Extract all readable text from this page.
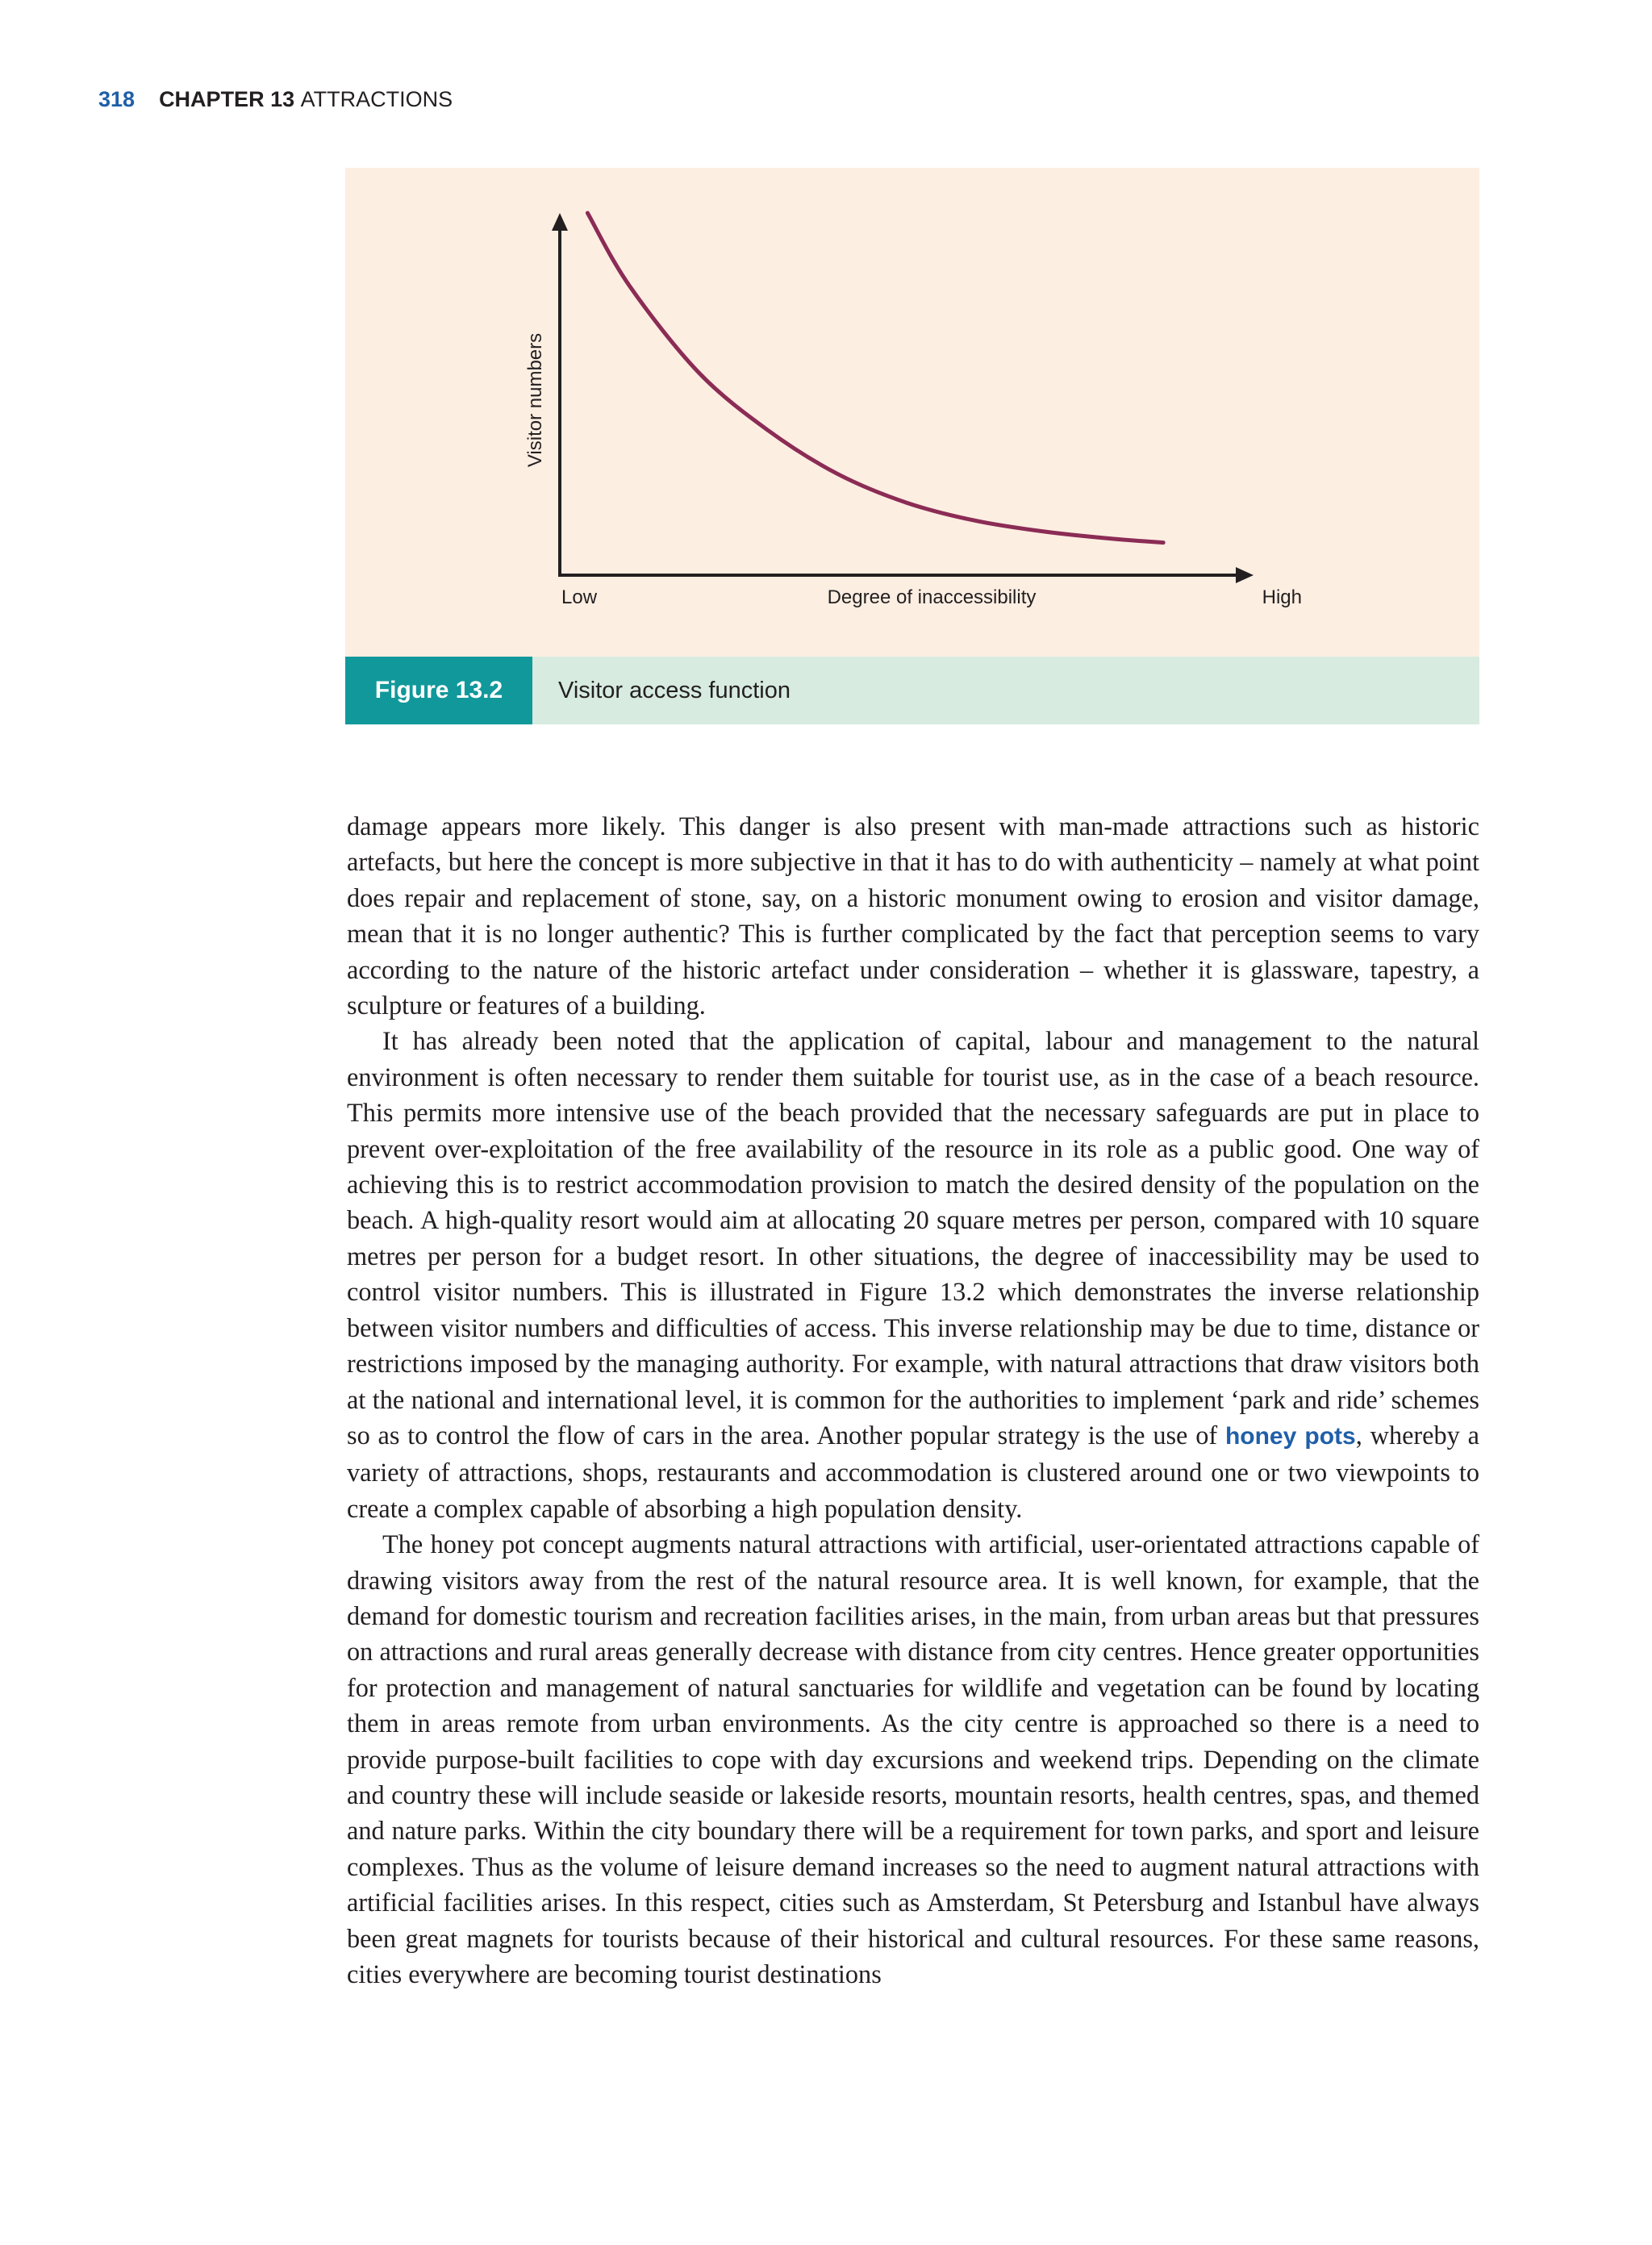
318 CHAPTER 13 ATTRACTIONS
Low	Degree of inaccessibility	High
Visitor numbers
Figure 13.2	Visitor access function

damage appears more likely. This danger is also present with man-made attractions such as historic artefacts, but here the concept is more subjective in that it has to do with authenticity – namely at what point does repair and replacement of stone, say, on a historic monument owing to erosion and visitor damage, mean that it is no longer authentic? This is further complicated by the fact that perception seems to vary according to the nature of the historic artefact under consideration – whether it is glassware, tapestry, a sculpture or features of a building.

It has already been noted that the application of capital, labour and management to the natural environment is often necessary to render them suitable for tourist use, as in the case of a beach resource. This permits more intensive use of the beach provided that the necessary safeguards are put in place to prevent over-exploitation of the free availability of the resource in its role as a public good. One way of achieving this is to restrict accommodation provision to match the desired density of the population on the beach. A high-quality resort would aim at allocating 20 square metres per person, compared with 10 square metres per person for a budget resort. In other situations, the degree of inaccessibility may be used to control visitor numbers. This is illustrated in Figure 13.2 which demonstrates the inverse relationship between visitor numbers and difficulties of access. This inverse relationship may be due to time, distance or restrictions imposed by the managing authority. For example, with natural attractions that draw visitors both at the national and international level, it is common for the authorities to implement ‘park and ride’ schemes so as to control the flow of cars in the area. Another popular strategy is the use of honey pots, whereby a variety of attractions, shops, restaurants and accommodation is clustered around one or two viewpoints to create a complex capable of absorbing a high population density.

The honey pot concept augments natural attractions with artificial, user-orientated attractions capable of drawing visitors away from the rest of the natural resource area. It is well known, for example, that the demand for domestic tourism and recreation facilities arises, in the main, from urban areas but that pressures on attractions and rural areas generally decrease with distance from city centres. Hence greater opportunities for protection and management of natural sanctuaries for wildlife and vegetation can be found by locating them in areas remote from urban environments. As the city centre is approached so there is a need to provide purpose-built facilities to cope with day excursions and weekend trips. Depending on the climate and country these will include seaside or lakeside resorts, mountain resorts, health centres, spas, and themed and nature parks. Within the city boundary there will be a requirement for town parks, and sport and leisure complexes. Thus as the volume of leisure demand increases so the need to augment natural attractions with artificial facilities arises. In this respect, cities such as Amsterdam, St Petersburg and Istanbul have always been great magnets for tourists because of their historical and cultural resources. For these same reasons, cities everywhere are becoming tourist destinations
